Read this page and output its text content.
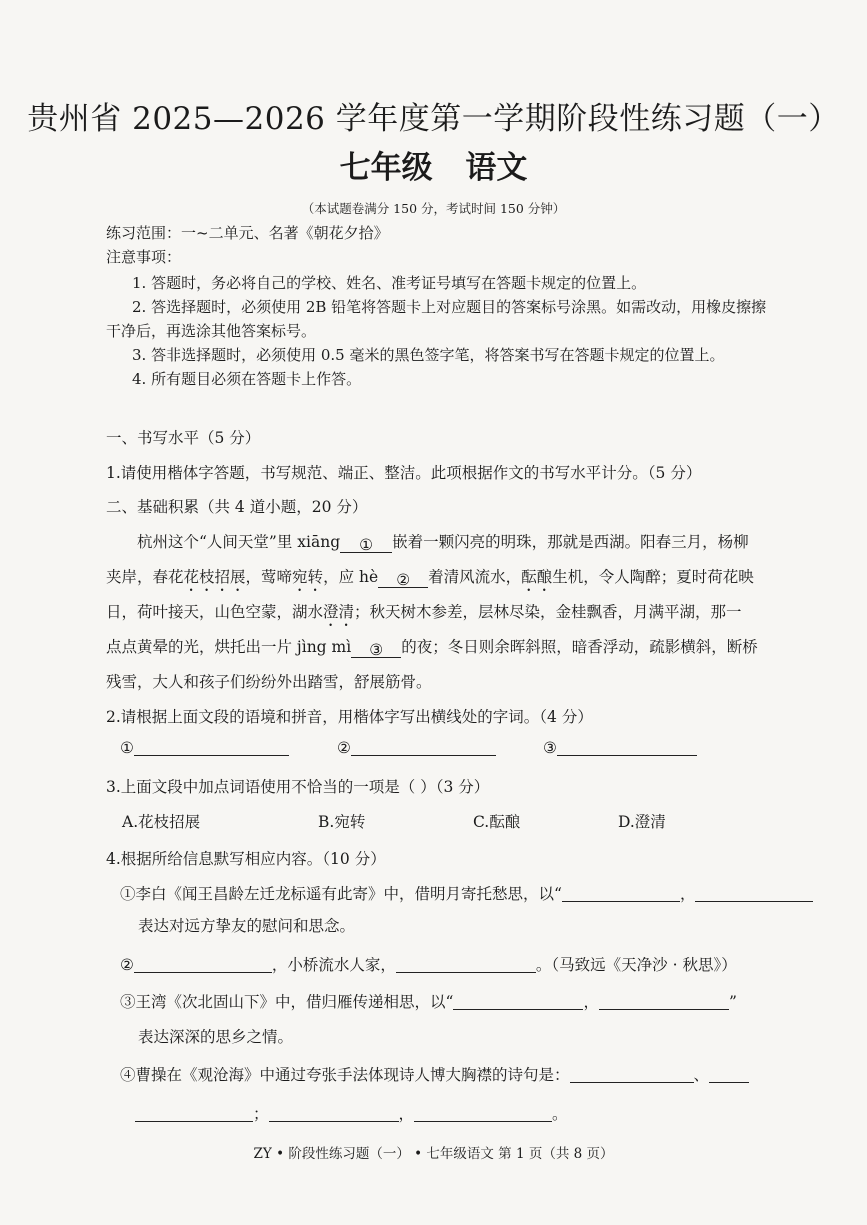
贵州省 2025—2026 学年度第一学期阶段性练习题（一）
七年级 语文
（本试题卷满分 150 分，考试时间 150 分钟）
练习范围：一~二单元、名著《朝花夕拾》
注意事项：
1. 答题时，务必将自己的学校、姓名、准考证号填写在答题卡规定的位置上。
2. 答选择题时，必须使用 2B 铅笔将答题卡上对应题目的答案标号涂黑。如需改动，用橡皮擦擦
干净后，再选涂其他答案标号。
3. 答非选择题时，必须使用 0.5 毫米的黑色签字笔，将答案书写在答题卡规定的位置上。
4. 所有题目必须在答题卡上作答。
一、书写水平（5 分）
1.请使用楷体字答题，书写规范、端正、整洁。此项根据作文的书写水平计分。（5 分）
二、基础积累（共 4 道小题，20 分）
杭州这个“人间天堂”里 xiāng ① 嵌着一颗闪亮的明珠，那就是西湖。阳春三月，杨柳
夹岸，春花花枝招展，莺啼宛转，应 hè ② 着清风流水，酝酿生机，令人陶醉；夏时荷花映
日，荷叶接天，山色空蒙，湖水澄清；秋天树木参差，层林尽染，金桂飘香，月满平湖，那一
点点黄晕的光，烘托出一片 jìng mì ③ 的夜；冬日则余晖斜照，暗香浮动，疏影横斜，断桥
残雪，大人和孩子们纷纷外出踏雪，舒展筋骨。
2.请根据上面文段的语境和拼音，用楷体字写出横线处的字词。（4 分）
①	②	③
3.上面文段中加点词语使用不恰当的一项是（ ）（3 分）
A.花枝招展	B.宛转	C.酝酿	D.澄清
4.根据所给信息默写相应内容。（10 分）
①李白《闻王昌龄左迁龙标遥有此寄》中，借明月寄托愁思，以“	，
表达对远方挚友的慰问和思念。
②	，小桥流水人家，	。（马致远《天净沙 · 秋思》）
③王湾《次北固山下》中，借归雁传递相思，以“	，	”
表达深深的思乡之情。
④曹操在《观沧海》中通过夸张手法体现诗人博大胸襟的诗句是：	、
；	，	。
ZY • 阶段性练习题（一） • 七年级语文 第 1 页（共 8 页）
